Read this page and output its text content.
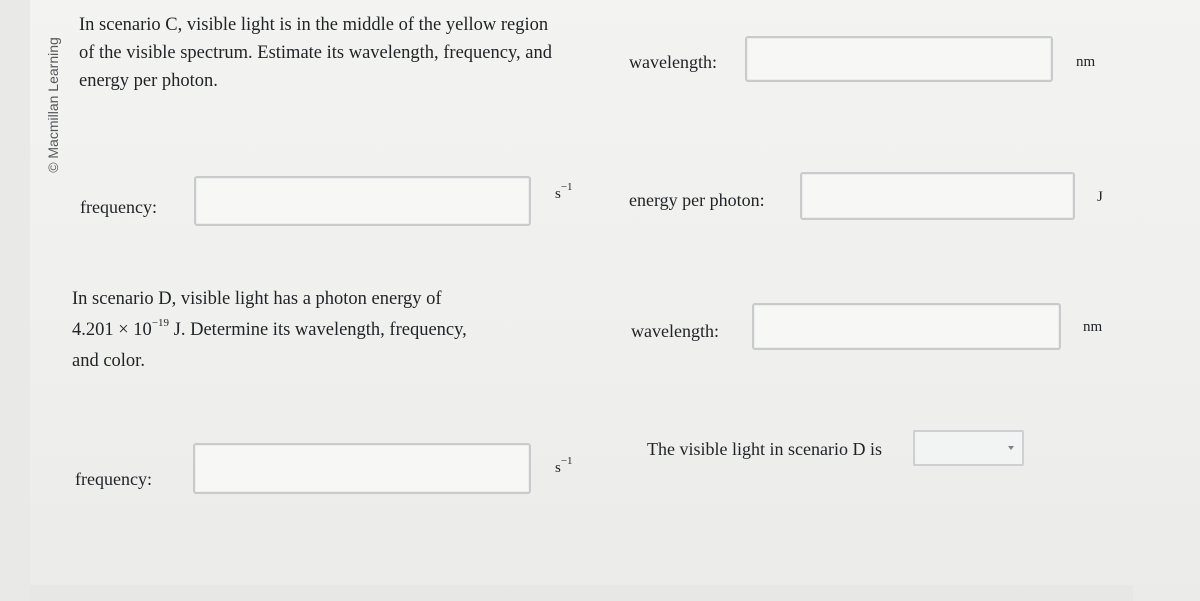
© Macmillan Learning
In scenario C, visible light is in the middle of the yellow region of the visible spectrum. Estimate its wavelength, frequency, and energy per photon.
wavelength:	nm
frequency:
$s^{-1}$
energy per photon:	J
In scenario D, visible light has a photon energy of
$4.201 \times 10^{-19}$ J. Determine its wavelength, frequency,
and color.
wavelength:	nm
frequency:
$s^{-1}$
The visible light in scenario D is
